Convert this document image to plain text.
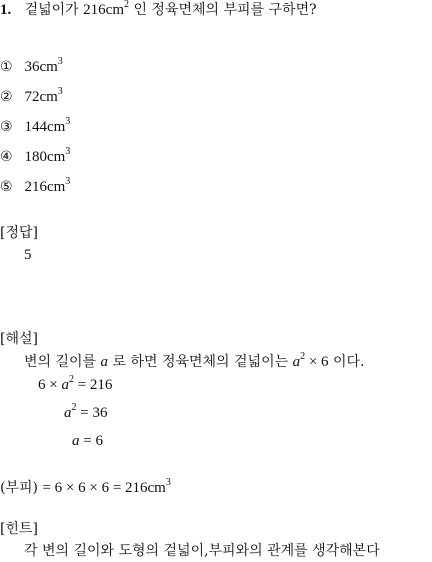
1. 겉넓이가 $216cm^2$ 인 정육면체의 부피를 구하면?
① $36cm^3$
② $72cm^3$
③ $144cm^3$
④ $180cm^3$
⑤ $216cm^3$
[정답]
5
[해설]
변의 길이를 a 로 하면 정육면체의 겉넓이는 $a^2 \times 6$ 이다.
$6 \times a^2 = 216$
$a^2 = 36$
a = 6
(부피) = $6 \times 6 \times 6 = 216cm^3$
[힌트]
각 변의 길이와 도형의 겉넓이,부피와의 관계를 생각해본다
